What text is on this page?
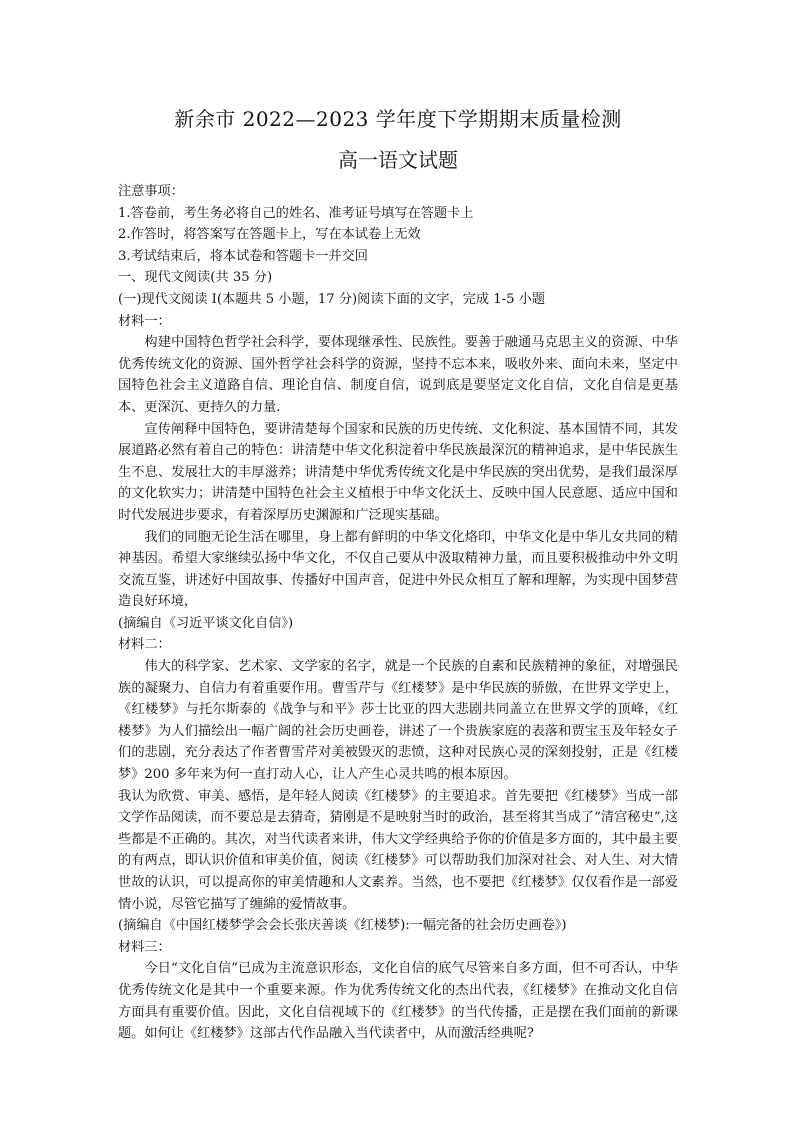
新余市 2022—2023 学年度下学期期末质量检测
高一语文试题
注意事项：
1.答卷前，考生务必将自己的姓名、准考证号填写在答题卡上
2.作答时，将答案写在答题卡上，写在本试卷上无效
3.考试结束后，将本试卷和答题卡一并交回
一、现代文阅读(共 35 分)
(一)现代文阅读 I(本题共 5 小题，17 分)阅读下面的文字，完成 1-5 小题
材料一：

构建中国特色哲学社会科学，要体现继承性、民族性。要善于融通马克思主义的资源、中华优秀传统文化的资源、国外哲学社会科学的资源，坚持不忘本来，吸收外来、面向未来，坚定中国特色社会主义道路自信、理论自信、制度自信，说到底是要坚定文化自信，文化自信是更基本、更深沉、更持久的力量.

宣传阐释中国特色，要讲清楚每个国家和民族的历史传统、文化积淀、基本国情不同，其发展道路必然有着自己的特色：讲清楚中华文化积淀着中华民族最深沉的精神追求，是中华民族生生不息、发展壮大的丰厚滋养；讲清楚中华优秀传统文化是中华民族的突出优势，是我们最深厚的文化软实力；讲清楚中国特色社会主义植根于中华文化沃土、反映中国人民意愿、适应中国和时代发展进步要求，有着深厚历史渊源和广泛现实基础。

我们的同胞无论生活在哪里，身上都有鲜明的中华文化烙印，中华文化是中华儿女共同的精神基因。希望大家继续弘扬中华文化，不仅自己要从中汲取精神力量，而且要积极推动中外文明交流互鉴，讲述好中国故事、传播好中国声音，促进中外民众相互了解和理解，为实现中国梦营造良好环境，

(摘编自《习近平谈文化自信》)
材料二：

伟大的科学家、艺术家、文学家的名字，就是一个民族的自素和民族精神的象征，对增强民族的凝聚力、自信力有着重要作用。曹雪芹与《红楼梦》是中华民族的骄傲，在世界文学史上，《红楼梦》与托尔斯泰的《战争与和平》莎士比亚的四大悲剧共同盖立在世界文学的顶峰，《红楼梦》为人们描绘出一幅广阔的社会历史画卷，讲述了一个贵族家庭的表落和贾宝玉及年轻女子们的悲剧，充分表达了作者曹雪芹对美被毁灭的悲愤，这种对民族心灵的深刻投射，正是《红楼梦》200 多年来为何一直打动人心，让人产生心灵共鸣的根本原因。

我认为欣赏、审美、感悟，是年轻人阅读《红楼梦》的主要追求。首先要把《红楼梦》当成一部文学作品阅读，而不要总是去猜奇，猜刚是不是映射当时的政治，甚至将其当成了“清宫秘史”,这些都是不正确的。其次，对当代读者来讲，伟大文学经典给予你的价值是多方面的，其中最主要的有两点，即认识价值和审美价值，阅读《红楼梦》可以帮助我们加深对社会、对人生、对大情世故的认识，可以提高你的审美情趣和人文素养。当然，也不要把《红楼梦》仅仅看作是一部爱情小说，尽管它描写了缠綿的爱情故事。

(摘编自《中国红楼梦学会会长张庆善谈《红楼梦):一幅完备的社会历史画卷》)
材料三：

今日“文化自信”已成为主流意识形态，文化自信的底气尽管来自多方面，但不可否认，中华优秀传统文化是其中一个重要来源。作为优秀传统文化的杰出代表，《红楼梦》在推动文化自信方面具有重要价值。因此，文化自信视域下的《红楼梦》的当代传播，正是摆在我们面前的新课题。如何让《红楼梦》这部古代作品融入当代读者中，从而激活经典呢?
